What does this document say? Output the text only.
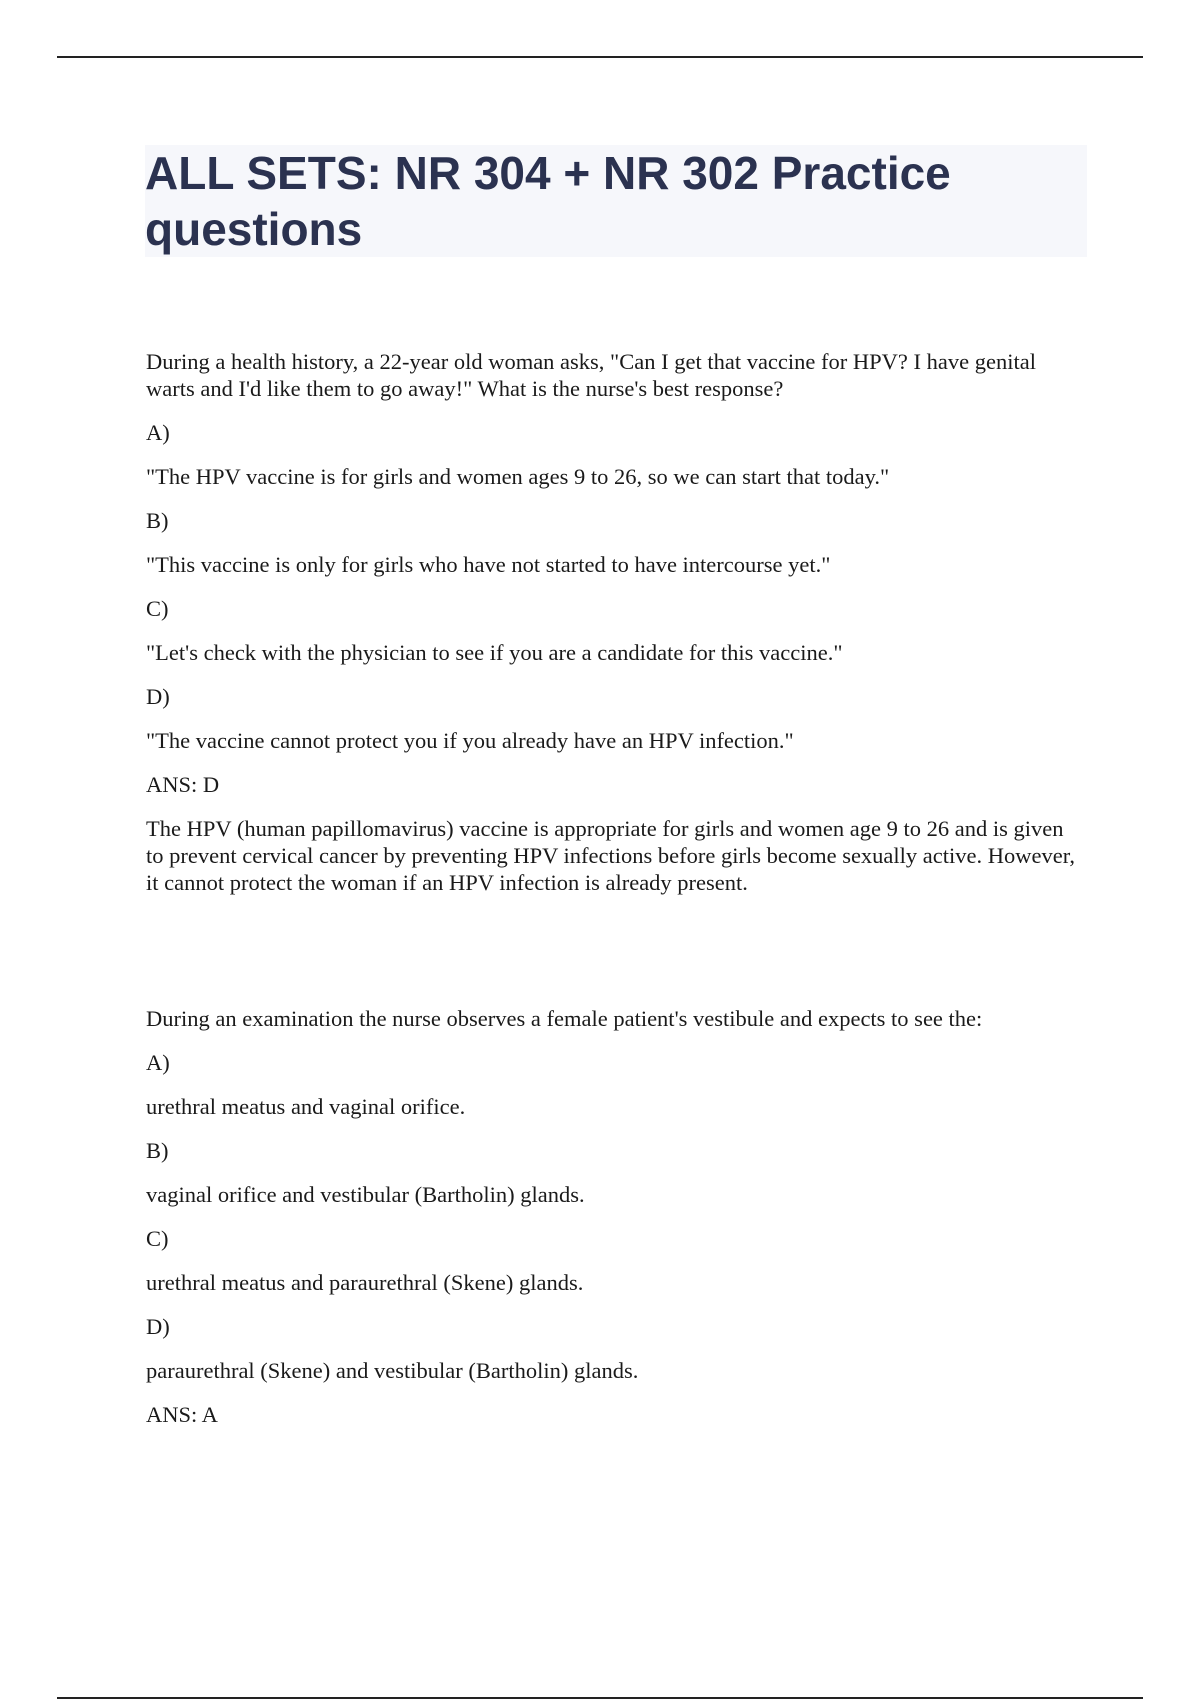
ALL SETS: NR 304 + NR 302 Practice questions

During a health history, a 22-year old woman asks, "Can I get that vaccine for HPV? I have genital warts and I'd like them to go away!" What is the nurse's best response?

A)

"The HPV vaccine is for girls and women ages 9 to 26, so we can start that today."

B)

"This vaccine is only for girls who have not started to have intercourse yet."

C)

"Let's check with the physician to see if you are a candidate for this vaccine."

D)

"The vaccine cannot protect you if you already have an HPV infection."

ANS: D

The HPV (human papillomavirus) vaccine is appropriate for girls and women age 9 to 26 and is given to prevent cervical cancer by preventing HPV infections before girls become sexually active. However, it cannot protect the woman if an HPV infection is already present.

During an examination the nurse observes a female patient's vestibule and expects to see the:

A)

urethral meatus and vaginal orifice.

B)

vaginal orifice and vestibular (Bartholin) glands.

C)

urethral meatus and paraurethral (Skene) glands.

D)

paraurethral (Skene) and vestibular (Bartholin) glands.

ANS: A
